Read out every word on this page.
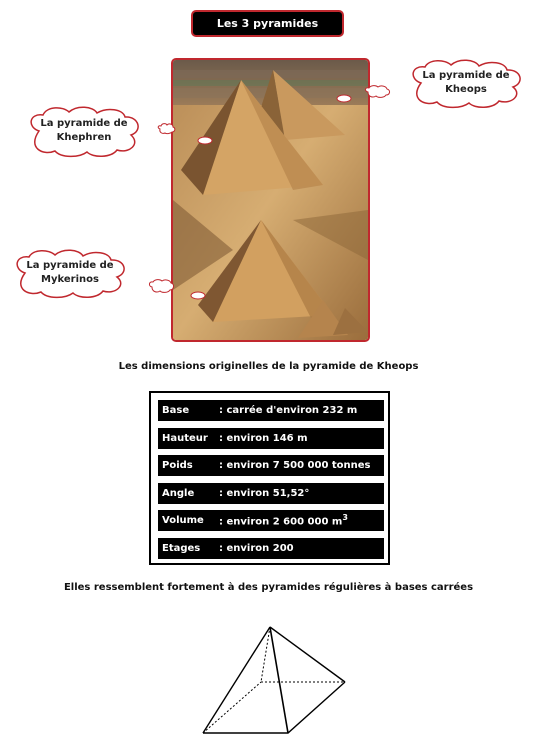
Les 3 pyramides
La pyramide de
Kheops
La pyramide de
Khephren
La pyramide de
Mykerinos
Les dimensions originelles de la pyramide de Kheops
Base	: carrée d'environ 232 m
Hauteur	: environ 146 m
Poids	: environ 7 500 000 tonnes
Angle	: environ 51,52°
Volume	: environ 2 600 000 $m^3$
Etages	: environ 200
Elles ressemblent fortement à des pyramides régulières à bases carrées
